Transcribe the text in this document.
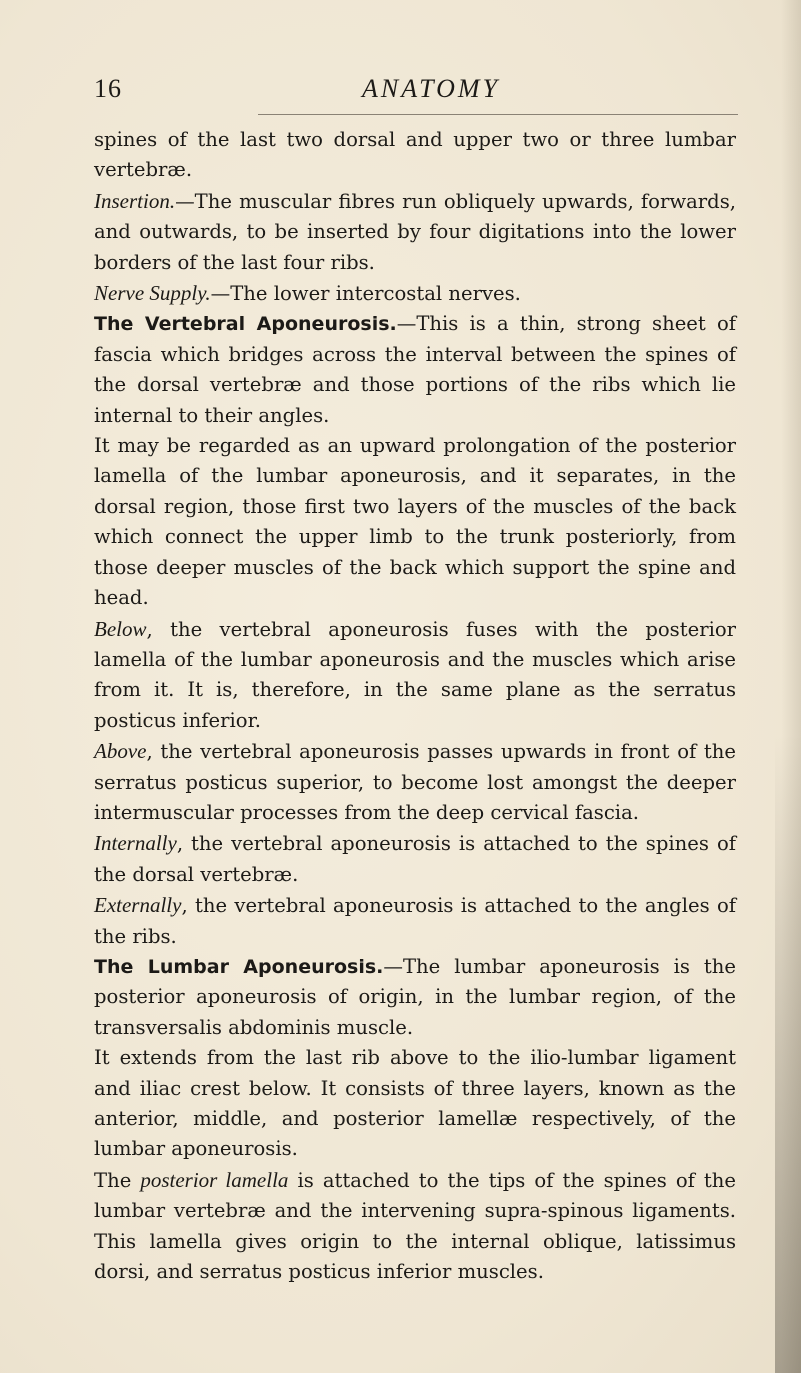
16	ANATOMY

spines of the last two dorsal and upper two or three lumbar vertebræ.

Insertion.—The muscular fibres run obliquely upwards, forwards, and outwards, to be inserted by four digitations into the lower borders of the last four ribs.

Nerve Supply.—The lower intercostal nerves.

The Vertebral Aponeurosis.—This is a thin, strong sheet of fascia which bridges across the interval between the spines of the dorsal vertebræ and those portions of the ribs which lie internal to their angles.

It may be regarded as an upward prolongation of the posterior lamella of the lumbar aponeurosis, and it separates, in the dorsal region, those first two layers of the muscles of the back which connect the upper limb to the trunk posteriorly, from those deeper muscles of the back which support the spine and head.

Below, the vertebral aponeurosis fuses with the posterior lamella of the lumbar aponeurosis and the muscles which arise from it. It is, therefore, in the same plane as the serratus posticus inferior.

Above, the vertebral aponeurosis passes upwards in front of the serratus posticus superior, to become lost amongst the deeper intermuscular processes from the deep cervical fascia.

Internally, the vertebral aponeurosis is attached to the spines of the dorsal vertebræ.

Externally, the vertebral aponeurosis is attached to the angles of the ribs.

The Lumbar Aponeurosis.—The lumbar aponeurosis is the posterior aponeurosis of origin, in the lumbar region, of the transversalis abdominis muscle.

It extends from the last rib above to the ilio-lumbar ligament and iliac crest below. It consists of three layers, known as the anterior, middle, and posterior lamellæ respectively, of the lumbar aponeurosis.

The posterior lamella is attached to the tips of the spines of the lumbar vertebræ and the intervening supra-spinous ligaments. This lamella gives origin to the internal oblique, latissimus dorsi, and serratus posticus inferior muscles.
